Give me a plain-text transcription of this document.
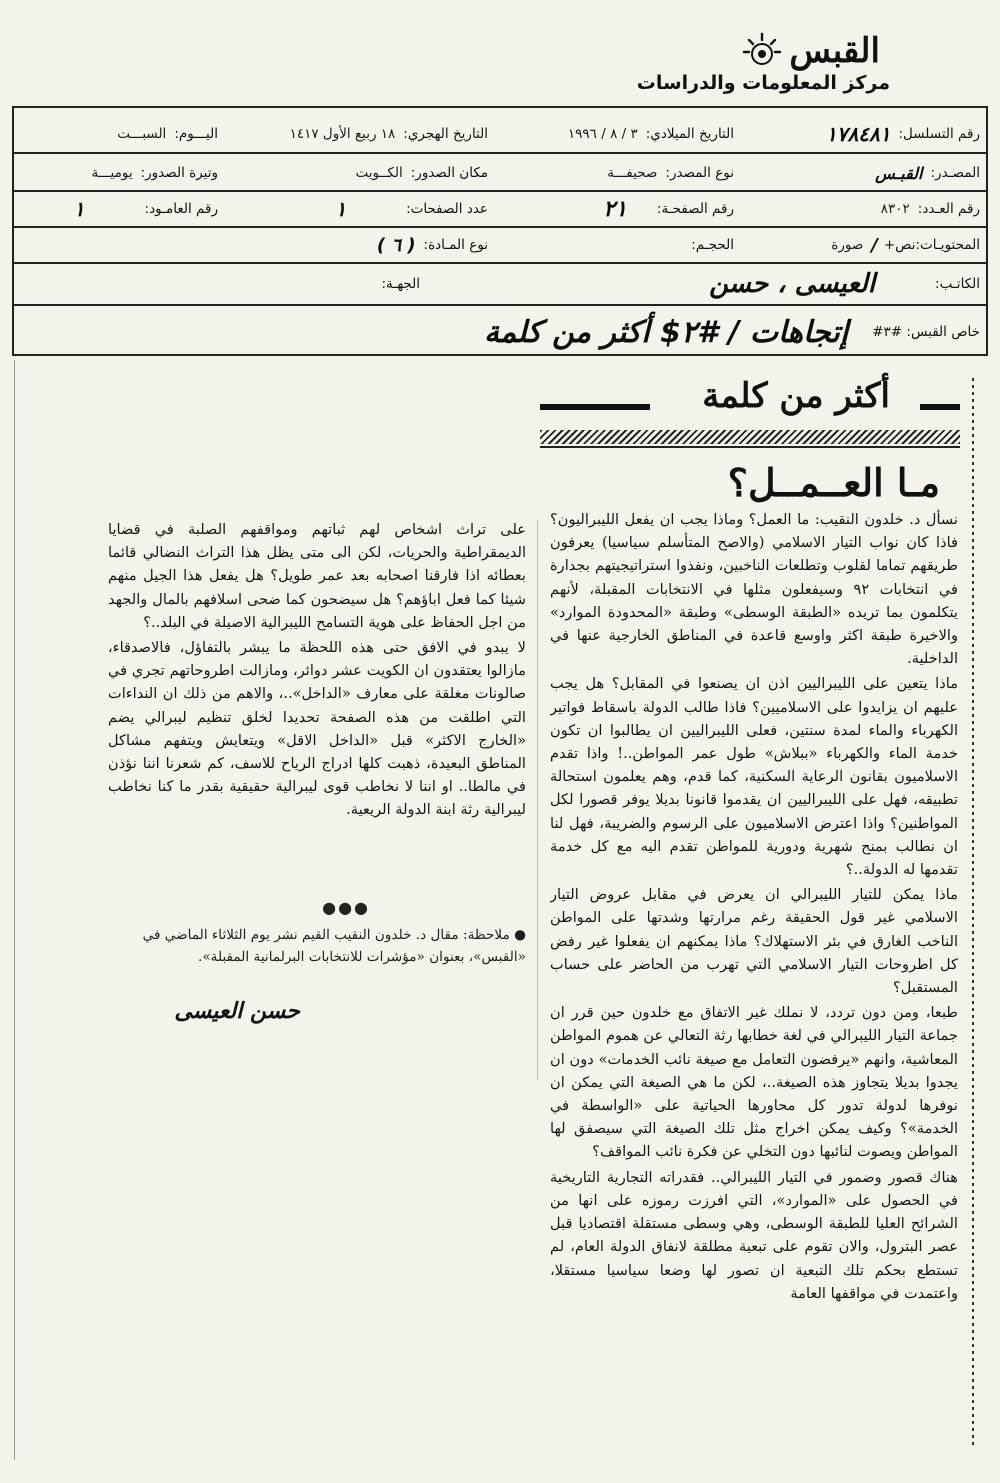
القبس
مركز المعلومات والدراسات
رقم التسلسل:
١٧٨٤٨١
التاريخ الميلادي:
٣ / ٨ / ١٩٩٦
التاريخ الهجري:
١٨ ربيع الأول ١٤١٧
اليـــوم:
السبـــت
المصـدر:
القبـس
نوع المصدر:
صحيفـــة
مكان الصدور:
الكــويت
وتيرة الصدور:
يوميـــة
رقم العـدد:
٨٣٠٢
رقم الصفحـة:
٢١
عدد الصفحات:
١
رقم العامـود:
١
المحتويـات:نص+
/
صورة
الحجـم:
نوع المـادة:
( ٦ )
الكاتـب:
العيسى ، حسن
الجهـة:
خاص القبس: #٣#
إتجاهات / #٢$ أكثر من كلمة
أكثر من كلمة
مـا العــمــل؟

نسأل د. خلدون النقيب: ما العمل؟ وماذا يجب ان يفعل الليبراليون؟ فاذا كان نواب التيار الاسلامي (والاصح المتأسلم سياسيا) يعرفون طريقهم تماما لقلوب وتطلعات الناخبين، ونفذوا استراتيجيتهم بجدارة في انتخابات ٩٢ وسيفعلون مثلها في الانتخابات المقبلة، لأنهم يتكلمون بما تريده «الطبقة الوسطى» وطبقة «المحدودة الموارد» والاخيرة طبقة اكثر واوسع قاعدة في المناطق الخارجية عنها في الداخلية.

ماذا يتعين على الليبراليين اذن ان يصنعوا في المقابل؟ هل يجب عليهم ان يزايدوا على الاسلاميين؟ فاذا طالب الدولة باسقاط فواتير الكهرباء والماء لمدة سنتين، فعلى الليبراليين ان يطالبوا ان تكون خدمة الماء والكهرباء «ببلاش» طول عمر المواطن..! واذا تقدم الاسلاميون بقانون الرعاية السكنية، كما قدم، وهم يعلمون استحالة تطبيقه، فهل على الليبراليين ان يقدموا قانونا بديلا يوفر قصورا لكل المواطنين؟ واذا اعترض الاسلاميون على الرسوم والضريبة، فهل لنا ان نطالب بمنح شهرية ودورية للمواطن تقدم اليه مع كل خدمة تقدمها له الدولة..؟

ماذا يمكن للتيار الليبرالي ان يعرض في مقابل عروض التيار الاسلامي غير قول الحقيقة رغم مرارتها وشدتها على المواطن الناخب الغارق في بئر الاستهلاك؟ ماذا يمكنهم ان يفعلوا غير رفض كل اطروحات التيار الاسلامي التي تهرب من الحاضر على حساب المستقبل؟

طبعا، ومن دون تردد، لا نملك غير الاتفاق مع خلدون حين قرر ان جماعة التيار الليبرالي في لغة خطابها رثة التعالي عن هموم المواطن المعاشية، وانهم «يرفضون التعامل مع صيغة نائب الخدمات» دون ان يجدوا بديلا يتجاوز هذه الصيغة..، لكن ما هي الصيغة التي يمكن ان نوفرها لدولة تدور كل محاورها الحياتية على «الواسطة في الخدمة»؟ وكيف يمكن اخراج مثل تلك الصيغة التي سيصفق لها المواطن ويصوت لنائبها دون التخلي عن فكرة نائب المواقف؟

هناك قصور وضمور في التيار الليبرالي.. فقدراته التجارية التاريخية في الحصول على «الموارد»، التي افرزت رموزه على انها من الشرائح العليا للطبقة الوسطى، وهي وسطى مستقلة اقتصاديا قبل عصر البترول، والان تقوم على تبعية مطلقة لانفاق الدولة العام، لم تستطع بحكم تلك التبعية ان تصور لها وضعا سياسيا مستقلا، واعتمدت في مواقفها العامة

على تراث اشخاص لهم ثباتهم ومواقفهم الصلبة في قضايا الديمقراطية والحريات، لكن الى متى يظل هذا التراث النضالي قائما بعطائه اذا فارقنا اصحابه بعد عمر طويل؟ هل يفعل هذا الجيل منهم شيئا كما فعل اباؤهم؟ هل سيضحون كما ضحى اسلافهم بالمال والجهد من اجل الحفاظ على هوية التسامح الليبرالية الاصيلة في البلد..؟

لا يبدو في الافق حتى هذه اللحظة ما يبشر بالتفاؤل، فالاصدقاء، مازالوا يعتقدون ان الكويت عشر دوائر، ومازالت اطروحاتهم تجري في صالونات مغلقة على معارف «الداخل»..، والاهم من ذلك ان النداءات التي اطلقت من هذه الصفحة تحديدا لخلق تنظيم ليبرالي يضم «الخارج الاكثر» قبل «الداخل الاقل» ويتعايش ويتفهم مشاكل المناطق البعيدة، ذهبت كلها ادراج الرياح للاسف، كم شعرنا اننا نؤذن في مالطا.. او اننا لا نخاطب قوى ليبرالية حقيقية بقدر ما كنا نخاطب ليبرالية رثة ابنة الدولة الريعية.

●●●
● ملاحظة: مقال د. خلدون النقيب القيم نشر يوم الثلاثاء الماضي في «القبس»، بعنوان «مؤشرات للانتخابات البرلمانية المقبلة».
حسن العيسى
